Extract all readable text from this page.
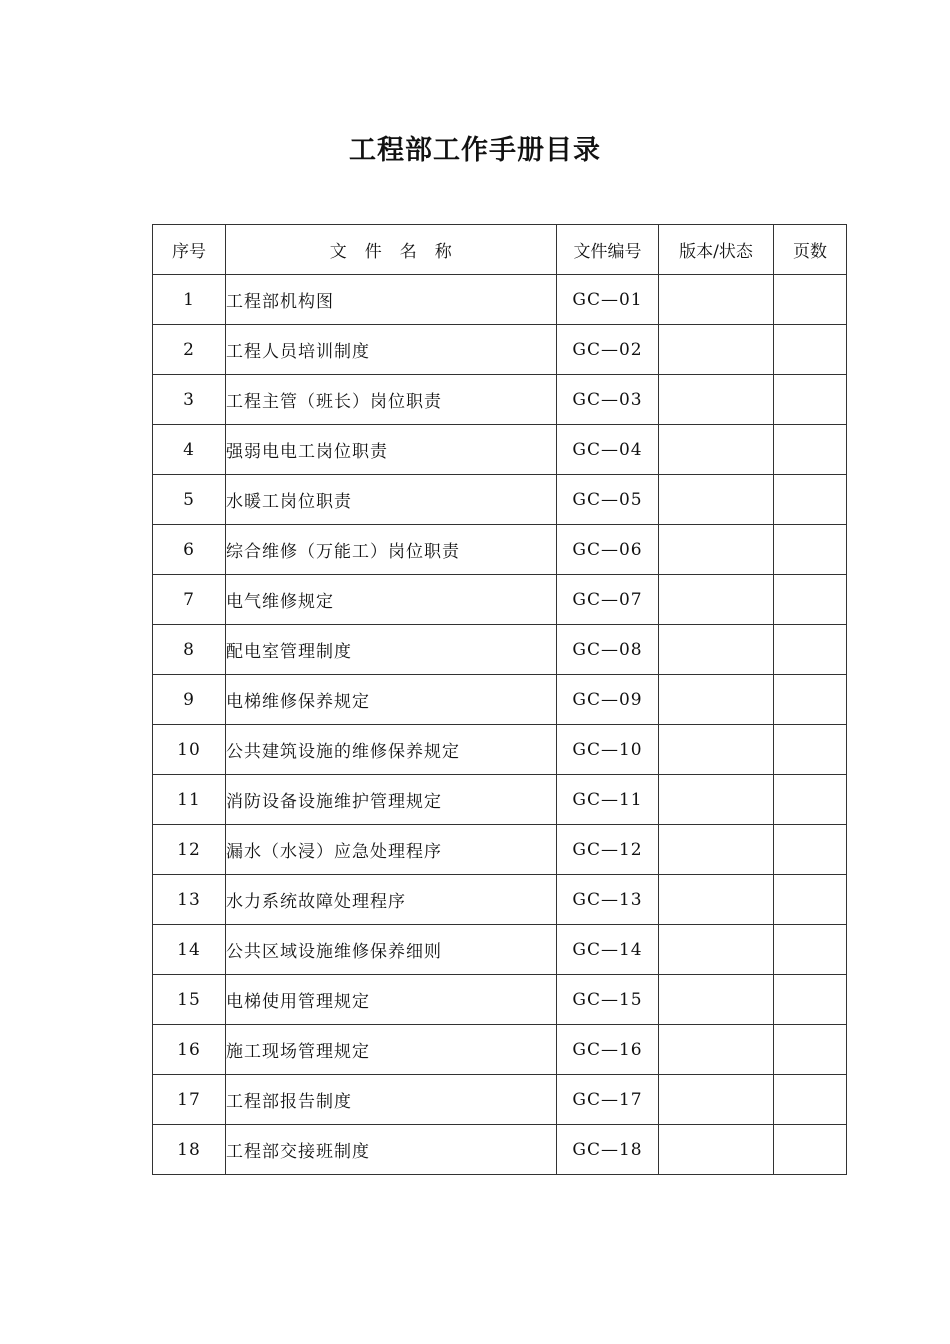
工程部工作手册目录
序号	文　件　名　称	文件编号	版本/状态	页数
1	工程部机构图	GC—01		
2	工程人员培训制度	GC—02		
3	工程主管（班长）岗位职责	GC—03		
4	强弱电电工岗位职责	GC—04		
5	水暖工岗位职责	GC—05		
6	综合维修（万能工）岗位职责	GC—06		
7	电气维修规定	GC—07		
8	配电室管理制度	GC—08		
9	电梯维修保养规定	GC—09		
10	公共建筑设施的维修保养规定	GC—10		
11	消防设备设施维护管理规定	GC—11		
12	漏水（水浸）应急处理程序	GC—12		
13	水力系统故障处理程序	GC—13		
14	公共区域设施维修保养细则	GC—14		
15	电梯使用管理规定	GC—15		
16	施工现场管理规定	GC—16		
17	工程部报告制度	GC—17		
18	工程部交接班制度	GC—18		
